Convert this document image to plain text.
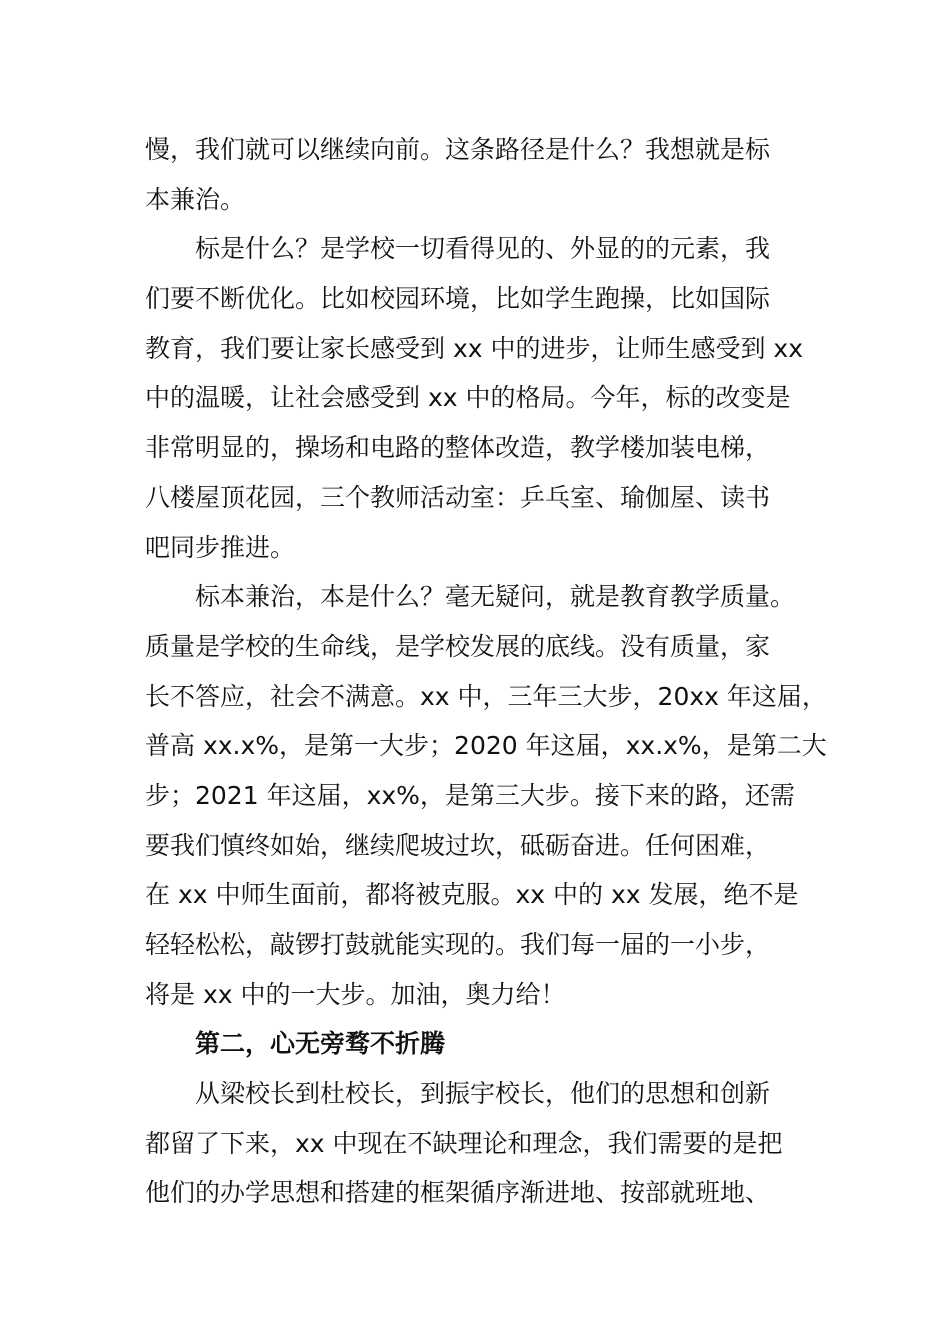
慢，我们就可以继续向前。这条路径是什么？我想就是标
本兼治。
标是什么？是学校一切看得见的、外显的的元素，我
们要不断优化。比如校园环境，比如学生跑操，比如国际
教育，我们要让家长感受到 xx 中的进步，让师生感受到 xx
中的温暖，让社会感受到 xx 中的格局。今年，标的改变是
非常明显的，操场和电路的整体改造，教学楼加装电梯，
八楼屋顶花园，三个教师活动室：乒乓室、瑜伽屋、读书
吧同步推进。
标本兼治，本是什么？毫无疑问，就是教育教学质量。
质量是学校的生命线，是学校发展的底线。没有质量，家
长不答应，社会不满意。xx 中，三年三大步，20xx 年这届，
普高 xx.x%，是第一大步；2020 年这届，xx.x%，是第二大
步；2021 年这届，xx%，是第三大步。接下来的路，还需
要我们慎终如始，继续爬坡过坎，砥砺奋进。任何困难，
在 xx 中师生面前，都将被克服。xx 中的 xx 发展，绝不是
轻轻松松，敲锣打鼓就能实现的。我们每一届的一小步，
将是 xx 中的一大步。加油，奥力给！
第二，心无旁骛不折腾
从梁校长到杜校长，到振宇校长，他们的思想和创新
都留了下来，xx 中现在不缺理论和理念，我们需要的是把
他们的办学思想和搭建的框架循序渐进地、按部就班地、
